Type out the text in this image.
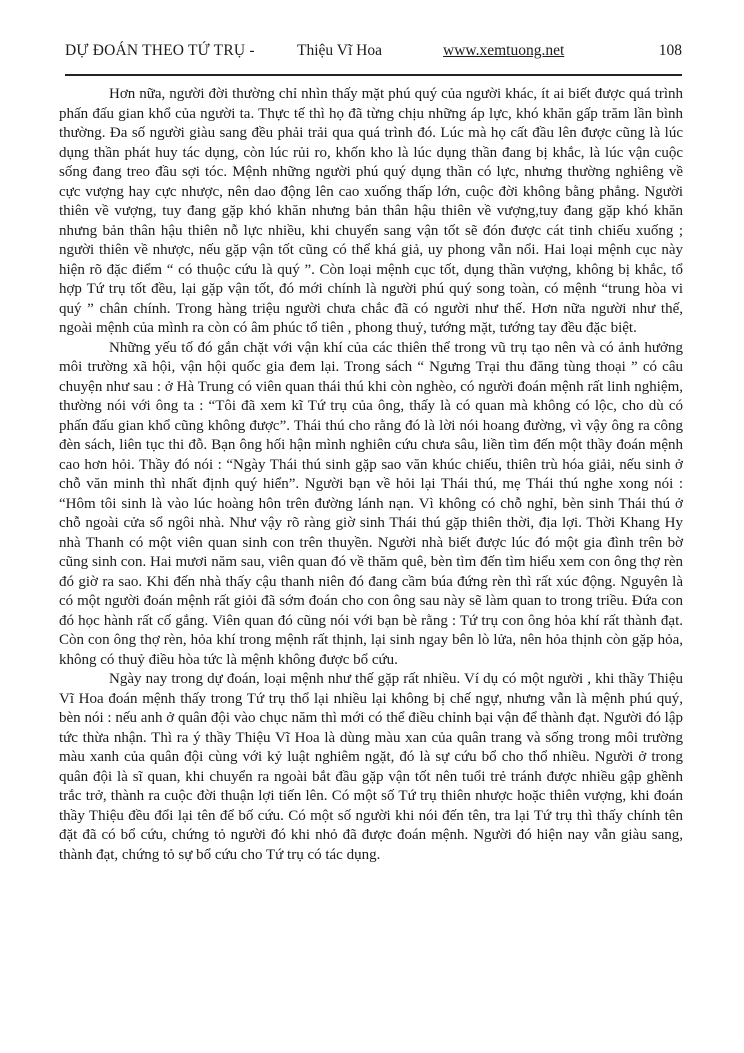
DỰ ĐOÁN THEO TỨ TRỤ -	Thiệu Vĩ Hoa	www.xemtuong.net	108

Hơn nữa, người đời thường chỉ nhìn thấy mặt phú quý của người khác, ít ai biết được quá trình phấn đấu gian khổ của người ta. Thực tế thì họ đã từng chịu những áp lực, khó khăn gấp trăm lần bình thường. Đa số người giàu sang đều phải trải qua quá trình đó. Lúc mà họ cất đầu lên được cũng là lúc dụng thần phát huy tác dụng, còn lúc rủi ro, khốn kho là lúc dụng thần đang bị khắc, là lúc vận cuộc sống đang treo đầu sợi tóc. Mệnh những người phú quý dụng thần có lực, nhưng thường nghiêng về cực vượng hay cực nhược, nên dao động lên cao xuống thấp lớn, cuộc đời không bằng phẳng. Người thiên về vượng, tuy đang gặp khó khăn nhưng bản thân hậu thiên về vượng,tuy đang gặp khó khăn nhưng bản thân hậu thiên nỗ lực nhiều, khi chuyển sang vận tốt sẽ đón được cát tinh chiếu xuống ; người thiên về nhược, nếu gặp vận tốt cũng có thể khá giả, uy phong vẫn nổi. Hai loại mệnh cục này hiện rõ đặc điểm “ có thuộc cứu là quý ”. Còn loại mệnh cục tốt, dụng thần vượng, không bị khắc, tổ hợp Tứ trụ tốt đều, lại gặp vận tốt, đó mới chính là người phú quý song toàn, có mệnh “trung hòa vi quý ” chân chính. Trong hàng triệu người chưa chắc đã có người như thế. Hơn nữa người như thế, ngoài mệnh của mình ra còn có âm phúc tổ tiên , phong thuỷ, tướng mặt, tướng tay đều đặc biệt.

Những yếu tố đó gắn chặt với vận khí của các thiên thể trong vũ trụ tạo nên và có ảnh hưởng môi trường xã hội, vận hội quốc gia đem lại. Trong sách “ Ngưng Trại thu đăng tùng thoại ” có câu chuyện như sau : ở Hà Trung có viên quan thái thú khi còn nghèo, có người đoán mệnh rất linh nghiệm, thường nói với ông ta : “Tôi đã xem kĩ Tứ trụ của ông, thấy là có quan mà không có lộc, cho dù có phấn đấu gian khổ cũng không được”. Thái thú cho rằng đó là lời nói hoang đường, vì vậy ông ra công đèn sách, liên tục thi đỗ. Bạn ông hối hận mình nghiên cứu chưa sâu, liền tìm đến một thầy đoán mệnh cao hơn hỏi. Thầy đó nói : “Ngày Thái thú sinh gặp sao văn khúc chiếu, thiên trù hóa giải, nếu sinh ở chỗ văn minh thì nhất định quý hiển”. Người bạn về hỏi lại Thái thú, mẹ Thái thú nghe xong nói : “Hôm tôi sinh là vào lúc hoàng hôn trên đường lánh nạn. Vì không có chỗ nghỉ, bèn sinh Thái thú ở chỗ ngoài cửa sổ ngôi nhà. Như vậy rõ ràng giờ sinh Thái thú gặp thiên thời, địa lợi. Thời Khang Hy nhà Thanh có một viên quan sinh con trên thuyền. Người nhà biết được lúc đó một gia đình trên bờ cũng sinh con. Hai mươi năm sau, viên quan đó về thăm quê, bèn tìm đến tìm hiểu xem con ông thợ rèn đó giờ ra sao. Khi đến nhà thấy cậu thanh niên đó đang cầm búa đứng rèn thì rất xúc động. Nguyên là có một người đoán mệnh rất giỏi đã sớm đoán cho con ông sau này sẽ làm quan to trong triều. Đứa con đó học hành rất cố gắng. Viên quan đó cũng nói với bạn bè rằng : Tứ trụ con ông hỏa khí rất thành đạt. Còn con ông thợ rèn, hỏa khí trong mệnh rất thịnh, lại sinh ngay bên lò lửa, nên hỏa thịnh còn gặp hỏa, không có thuỷ điều hòa tức là mệnh không được bổ cứu.

Ngày nay trong dự đoán, loại mệnh như thế gặp rất nhiều. Ví dụ có một người , khi thầy Thiệu Vĩ Hoa đoán mệnh thấy trong Tứ trụ thổ lại nhiều lại không bị chế ngự, nhưng vẫn là mệnh phú quý, bèn nói : nếu anh ở quân đội vào chục năm thì mới có thể điều chỉnh bại vận để thành đạt. Người đó lập tức thừa nhận. Thì ra ý thầy Thiệu Vĩ Hoa là dùng màu xan của quân trang và sống trong môi trường màu xanh của quân đội cùng với kỷ luật nghiêm ngặt, đó là sự cứu bổ cho thổ nhiều. Người ở trong quân đội là sĩ quan, khi chuyển ra ngoài bắt đầu gặp vận tốt nên tuổi trẻ tránh được nhiều gập ghềnh trắc trở, thành ra cuộc đời thuận lợi tiến lên. Có một số Tứ trụ thiên nhược hoặc thiên vượng, khi đoán thầy Thiệu đều đổi lại tên để bố cứu. Có một số người khi nói đến tên, tra lại Tứ trụ thì thấy chính tên đặt đã có bổ cứu, chứng tỏ người đó khi nhỏ đã được đoán mệnh. Người đó hiện nay vẫn giàu sang, thành đạt, chứng tỏ sự bổ cứu cho Tứ trụ có tác dụng.
